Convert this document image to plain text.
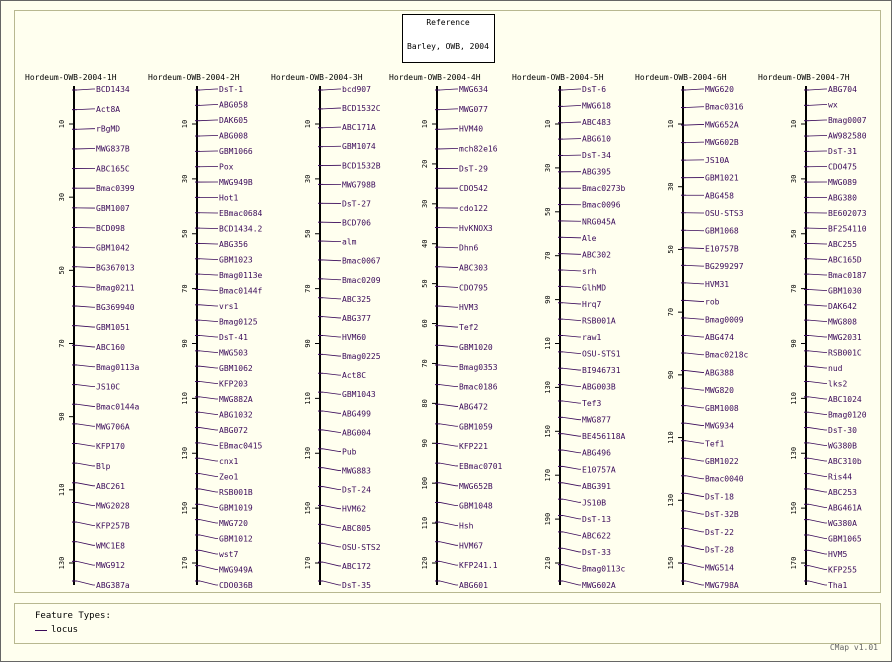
Reference
Barley, OWB, 2004
Hordeum-OWB-2004-1H
10
30
50
70
90
110
130
BCD1434
Act8A
rBgMD
MWG837B
ABC165C
Bmac0399
GBM1007
BCD098
GBM1042
BG367013
Bmag0211
BG369940
GBM1051
ABC160
Bmag0113a
JS10C
Bmac0144a
MWG706A
KFP170
Blp
ABC261
MWG2028
KFP257B
WMC1E8
MWG912
ABG387a
Hordeum-OWB-2004-2H
10
30
50
70
90
110
130
150
170
DsT-1
ABG058
DAK605
ABG008
GBM1066
Pox
MWG949B
Hot1
EBmac0684
BCD1434.2
ABG356
GBM1023
Bmag0113e
Bmac0144f
vrs1
Bmag0125
DsT-41
MWG503
GBM1062
KFP203
MWG882A
ABG1032
ABG072
EBmac0415
cnx1
Zeo1
RSB001B
GBM1019
MWG720
GBM1012
wst7
MWG949A
CDO036B
Hordeum-OWB-2004-3H
10
30
50
70
90
110
130
150
170
bcd907
BCD1532C
ABC171A
GBM1074
BCD1532B
MWG798B
DsT-27
BCD706
alm
Bmac0067
Bmac0209
ABC325
ABG377
HVM60
Bmag0225
Act8C
GBM1043
ABG499
ABG004
Pub
MWG883
DsT-24
HVM62
ABC805
OSU-STS2
ABC172
DsT-35
Hordeum-OWB-2004-4H
10
20
30
40
50
60
70
80
90
100
110
120
MWG634
MWG077
HVM40
mch82e16
DsT-29
CDO542
cdo122
HvKNOX3
Dhn6
ABC303
CDO795
HVM3
Tef2
GBM1020
Bmag0353
Bmac0186
ABG472
GBM1059
KFP221
EBmac0701
MWG652B
GBM1048
Hsh
HVM67
KFP241.1
ABG601
Hordeum-OWB-2004-5H
10
30
50
70
90
110
130
150
170
190
210
DsT-6
MWG618
ABC483
ABG610
DsT-34
ABG395
Bmac0273b
Bmac0096
NRG045A
Ale
ABC302
srh
GlhMD
Hrq7
RSB001A
raw1
OSU-STS1
BI946731
ABG003B
Tef3
MWG877
BE456118A
ABG496
E10757A
ABG391
JS10B
DsT-13
ABC622
DsT-33
Bmag0113c
MWG602A
Hordeum-OWB-2004-6H
10
30
50
70
90
110
130
150
MWG620
Bmac0316
MWG652A
MWG602B
JS10A
GBM1021
ABG458
OSU-STS3
GBM1068
E10757B
BG299297
HVM31
rob
Bmag0009
ABG474
Bmac0218c
ABG388
MWG820
GBM1008
MWG934
Tef1
GBM1022
Bmac0040
DsT-18
DsT-32B
DsT-22
DsT-28
MWG514
MWG798A
Hordeum-OWB-2004-7H
10
30
50
70
90
110
130
150
170
ABG704
wx
Bmag0007
AW982580
DsT-31
CDO475
MWG089
ABG380
BE602073
BF254110
ABC255
ABC165D
Bmac0187
GBM1030
DAK642
MWG808
MWG2031
RSB001C
nud
lks2
ABC1024
Bmag0120
DsT-30
WG380B
ABC310b
Ris44
ABC253
ABG461A
WG380A
GBM1065
HVM5
KFP255
Tha1
Feature Types:
locus
CMap v1.01
